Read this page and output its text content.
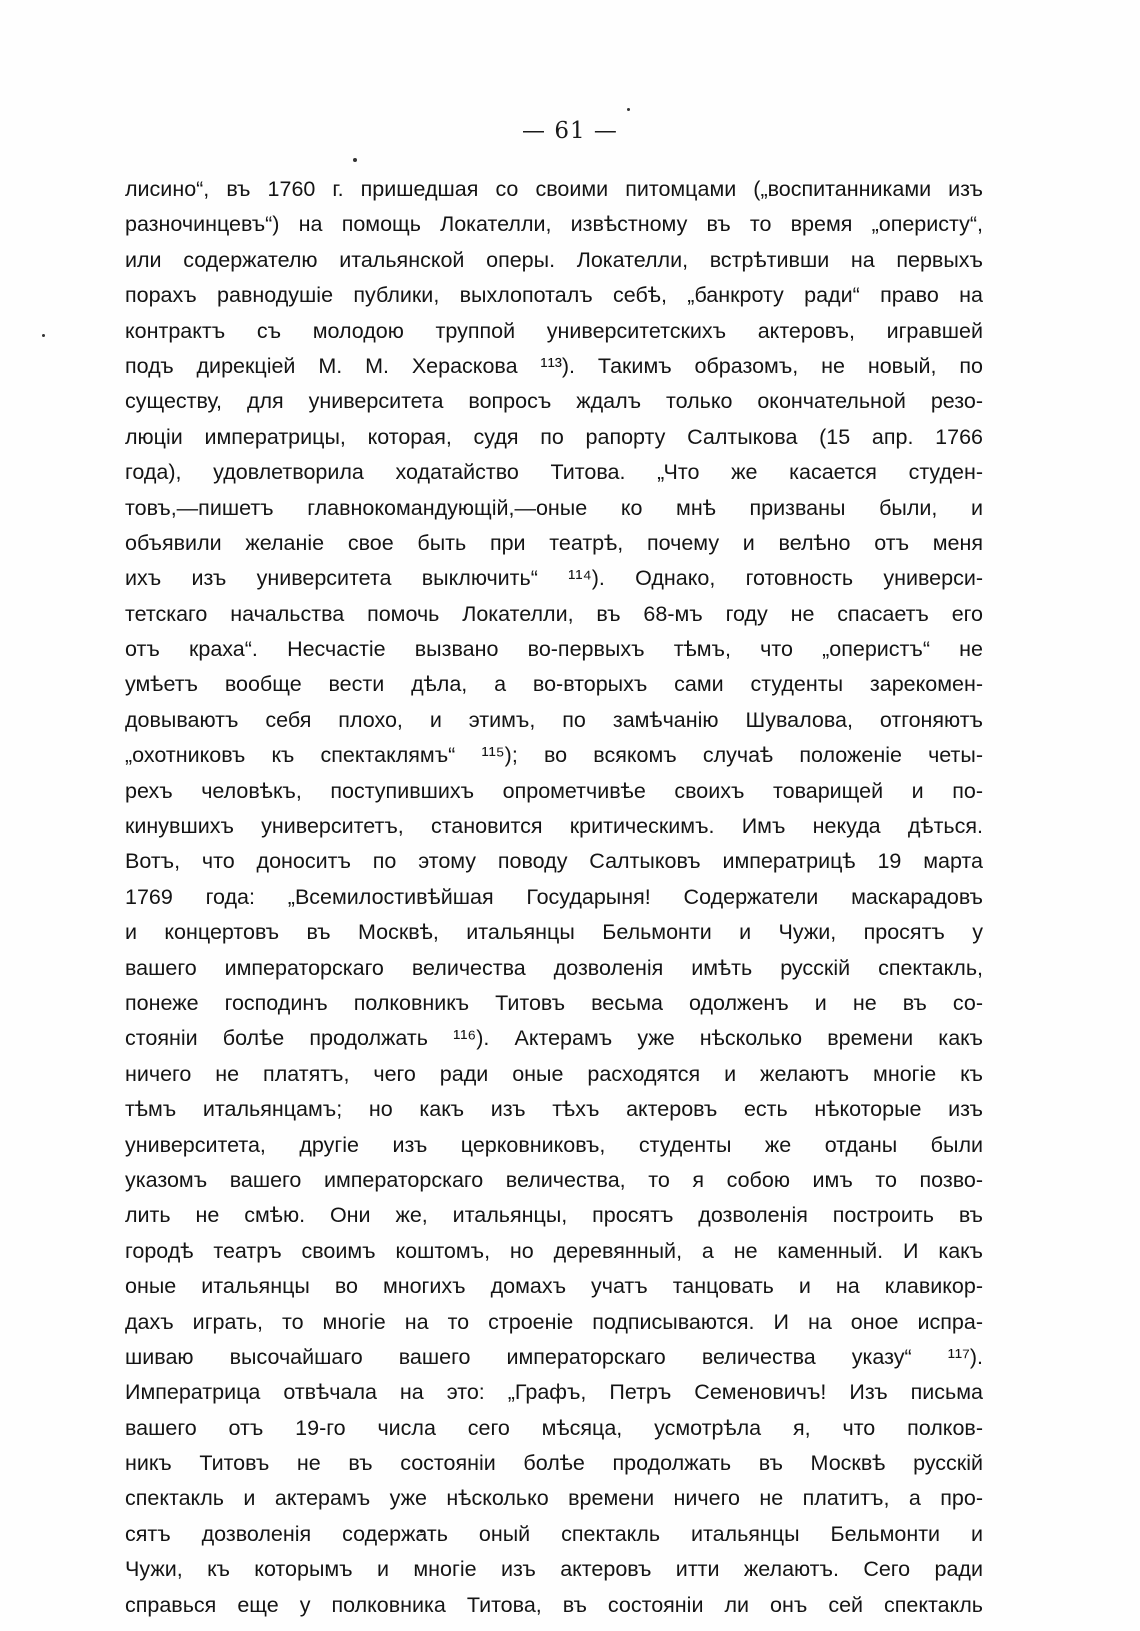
— 61 —
лисино“, въ 1760 г. пришедшая со своими питомцами („воспитанниками изъ
разночинцевъ“) на помощь Локателли, извѣстному въ то время „оперисту“,
или содержателю итальянской оперы. Локателли, встрѣтивши на первыхъ
порахъ равнодушіе публики, выхлопоталъ себѣ, „банкроту ради“ право на
контрактъ съ молодою труппой университетскихъ актеровъ, игравшей
подъ дирекціей М. М. Хераскова ¹¹³). Такимъ образомъ, не новый, по
существу, для университета вопросъ ждалъ только окончательной резо-
люціи императрицы, которая, судя по рапорту Салтыкова (15 апр. 1766
года), удовлетворила ходатайство Титова. „Что же касается студен-
товъ,—пишетъ главнокомандующій,—оные ко мнѣ призваны были, и
объявили желаніе свое быть при театрѣ, почему и велѣно отъ меня
ихъ изъ университета выключить“ ¹¹⁴). Однако, готовность универси-
тетскаго начальства помочь Локателли, въ 68-мъ году не спасаетъ его
отъ краха“. Несчастіе вызвано во-первыхъ тѣмъ, что „оперистъ“ не
умѣетъ вообще вести дѣла, а во-вторыхъ сами студенты зарекомен-
довываютъ себя плохо, и этимъ, по замѣчанію Шувалова, отгоняютъ
„охотниковъ къ спектаклямъ“ ¹¹⁵); во всякомъ случаѣ положеніе четы-
рехъ человѣкъ, поступившихъ опрометчивѣе своихъ товарищей и по-
кинувшихъ университетъ, становится критическимъ. Имъ некуда дѣться.
Вотъ, что доноситъ по этому поводу Салтыковъ императрицѣ 19 марта
1769 года: „Всемилостивѣйшая Государыня! Содержатели маскарадовъ
и концертовъ въ Москвѣ, итальянцы Бельмонти и Чужи, просятъ у
вашего императорскаго величества дозволенія имѣть русскій спектакль,
понеже господинъ полковникъ Титовъ весьма одолженъ и не въ со-
стояніи болѣе продолжать ¹¹⁶). Актерамъ уже нѣсколько времени какъ
ничего не платятъ, чего ради оные расходятся и желаютъ многіе къ
тѣмъ итальянцамъ; но какъ изъ тѣхъ актеровъ есть нѣкоторые изъ
университета, другіе изъ церковниковъ, студенты же отданы были
указомъ вашего императорскаго величества, то я собою имъ то позво-
лить не смѣю. Они же, итальянцы, просятъ дозволенія построить въ
городѣ театръ своимъ коштомъ, но деревянный, а не каменный. И какъ
оные итальянцы во многихъ домахъ учатъ танцовать и на клавикор-
дахъ играть, то многіе на то строеніе подписываются. И на оное испра-
шиваю высочайшаго вашего императорскаго величества указу“ ¹¹⁷).
Императрица отвѣчала на это: „Графъ, Петръ Семеновичъ! Изъ письма
вашего отъ 19-го числа сего мѣсяца, усмотрѣла я, что полков-
никъ Титовъ не въ состояніи болѣе продолжать въ Москвѣ русскій
спектакль и актерамъ уже нѣсколько времени ничего не платитъ, а про-
сятъ дозволенія содержать оный спектакль итальянцы Бельмонти и
Чужи, къ которымъ и многіе изъ актеровъ итти желаютъ. Сего ради
справься еще у полковника Титова, въ состояніи ли онъ сей спектакль
